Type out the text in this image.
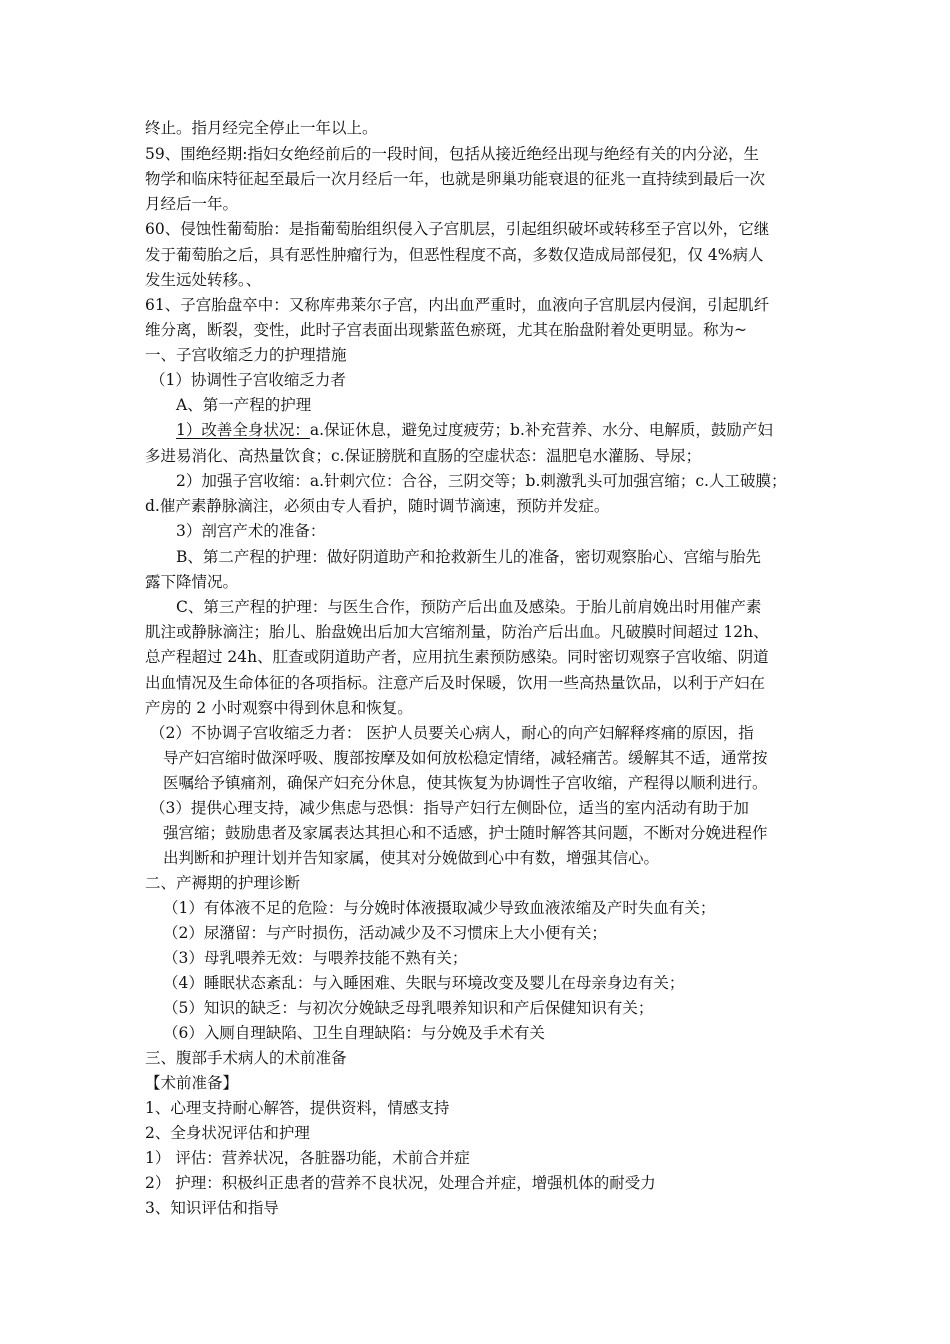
终止。指月经完全停止一年以上。
59、围绝经期:指妇女绝经前后的一段时间，包括从接近绝经出现与绝经有关的内分泌，生
物学和临床特征起至最后一次月经后一年，也就是卵巢功能衰退的征兆一直持续到最后一次
月经后一年。
60、侵蚀性葡萄胎：是指葡萄胎组织侵入子宫肌层，引起组织破坏或转移至子宫以外，它继
发于葡萄胎之后，具有恶性肿瘤行为，但恶性程度不高，多数仅造成局部侵犯，仅 4%病人
发生远处转移。、
61、子宫胎盘卒中：又称库弗莱尔子宫，内出血严重时，血液向子宫肌层内侵润，引起肌纤
维分离，断裂，变性，此时子宫表面出现紫蓝色瘀斑，尤其在胎盘附着处更明显。称为~
一、子宫收缩乏力的护理措施
（1）协调性子宫收缩乏力者
A、第一产程的护理
1）改善全身状况：a.保证休息，避免过度疲劳；b.补充营养、水分、电解质，鼓励产妇
多进易消化、高热量饮食；c.保证膀胱和直肠的空虚状态：温肥皂水灌肠、导尿；
2）加强子宫收缩：a.针刺穴位：合谷，三阴交等；b.刺激乳头可加强宫缩；c.人工破膜；
d.催产素静脉滴注，必须由专人看护，随时调节滴速，预防并发症。
3）剖宫产术的准备：
B、第二产程的护理：做好阴道助产和抢救新生儿的准备，密切观察胎心、宫缩与胎先
露下降情况。
C、第三产程的护理：与医生合作，预防产后出血及感染。于胎儿前肩娩出时用催产素
肌注或静脉滴注；胎儿、胎盘娩出后加大宫缩剂量，防治产后出血。凡破膜时间超过 12h、
总产程超过 24h、肛查或阴道助产者，应用抗生素预防感染。同时密切观察子宫收缩、阴道
出血情况及生命体征的各项指标。注意产后及时保暖，饮用一些高热量饮品，以利于产妇在
产房的 2 小时观察中得到休息和恢复。
（2）不协调子宫收缩乏力者： 医护人员要关心病人，耐心的向产妇解释疼痛的原因，指
导产妇宫缩时做深呼吸、腹部按摩及如何放松稳定情绪，减轻痛苦。缓解其不适，通常按
医嘱给予镇痛剂，确保产妇充分休息，使其恢复为协调性子宫收缩，产程得以顺利进行。
（3）提供心理支持，减少焦虑与恐惧：指导产妇行左侧卧位，适当的室内活动有助于加
强宫缩；鼓励患者及家属表达其担心和不适感，护士随时解答其问题，不断对分娩进程作
出判断和护理计划并告知家属，使其对分娩做到心中有数，增强其信心。
二、产褥期的护理诊断
（1）有体液不足的危险：与分娩时体液摄取减少导致血液浓缩及产时失血有关；
（2）尿潴留：与产时损伤，活动减少及不习惯床上大小便有关；
（3）母乳喂养无效：与喂养技能不熟有关；
（4）睡眠状态紊乱：与入睡困难、失眠与环境改变及婴儿在母亲身边有关；
（5）知识的缺乏：与初次分娩缺乏母乳喂养知识和产后保健知识有关；
（6）入厕自理缺陷、卫生自理缺陷：与分娩及手术有关
三、腹部手术病人的术前准备
【术前准备】
1、心理支持耐心解答，提供资料，情感支持
2、全身状况评估和护理
1） 评估：营养状况，各脏器功能，术前合并症
2） 护理：积极纠正患者的营养不良状况，处理合并症，增强机体的耐受力
3、知识评估和指导
